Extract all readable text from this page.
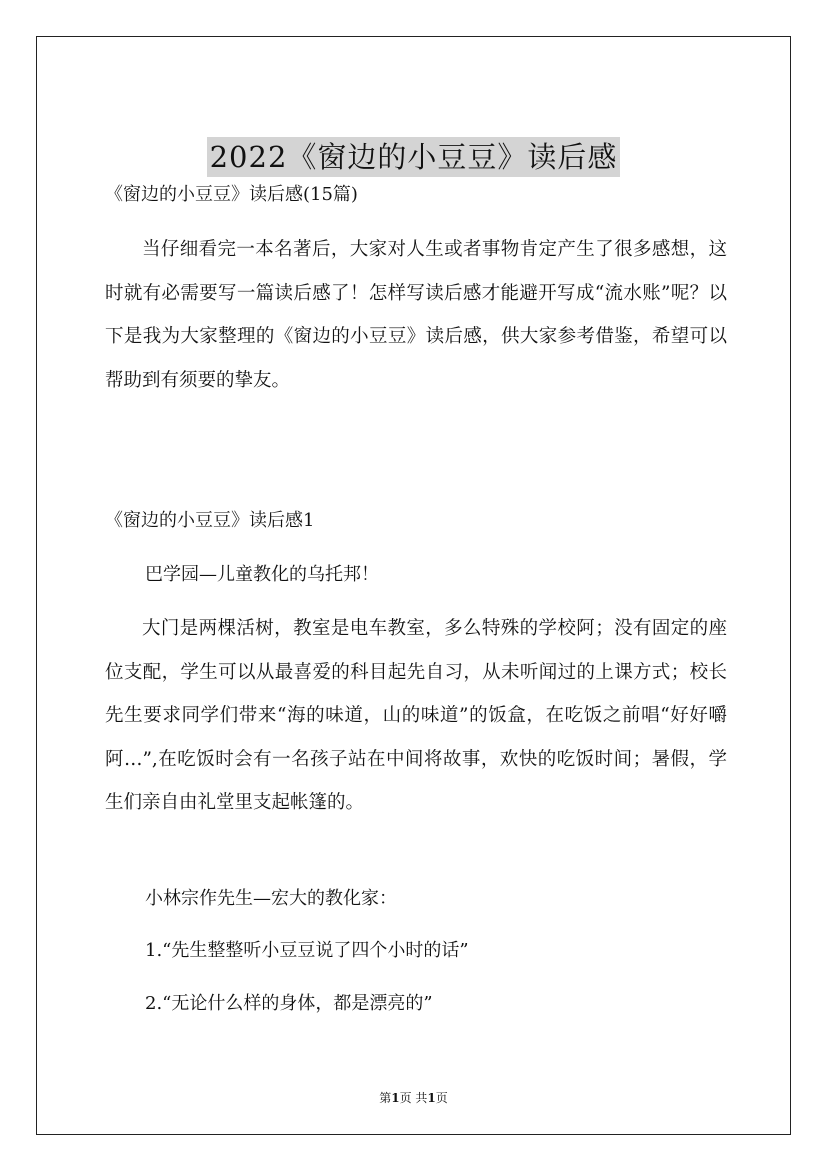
2022《窗边的小豆豆》读后感

《窗边的小豆豆》读后感(15篇)

当仔细看完一本名著后，大家对人生或者事物肯定产生了很多感想，这时就有必需要写一篇读后感了！怎样写读后感才能避开写成“流水账”呢？以下是我为大家整理的《窗边的小豆豆》读后感，供大家参考借鉴，希望可以帮助到有须要的挚友。

《窗边的小豆豆》读后感1

巴学园—儿童教化的乌托邦！

大门是两棵活树，教室是电车教室，多么特殊的学校阿；没有固定的座位支配，学生可以从最喜爱的科目起先自习，从未听闻过的上课方式；校长先生要求同学们带来“海的味道，山的味道”的饭盒，在吃饭之前唱“好好嚼阿…”,在吃饭时会有一名孩子站在中间将故事，欢快的吃饭时间；暑假，学生们亲自由礼堂里支起帐篷的。

小林宗作先生—宏大的教化家：

1.“先生整整听小豆豆说了四个小时的话”

2.“无论什么样的身体，都是漂亮的”

第1页 共1页
